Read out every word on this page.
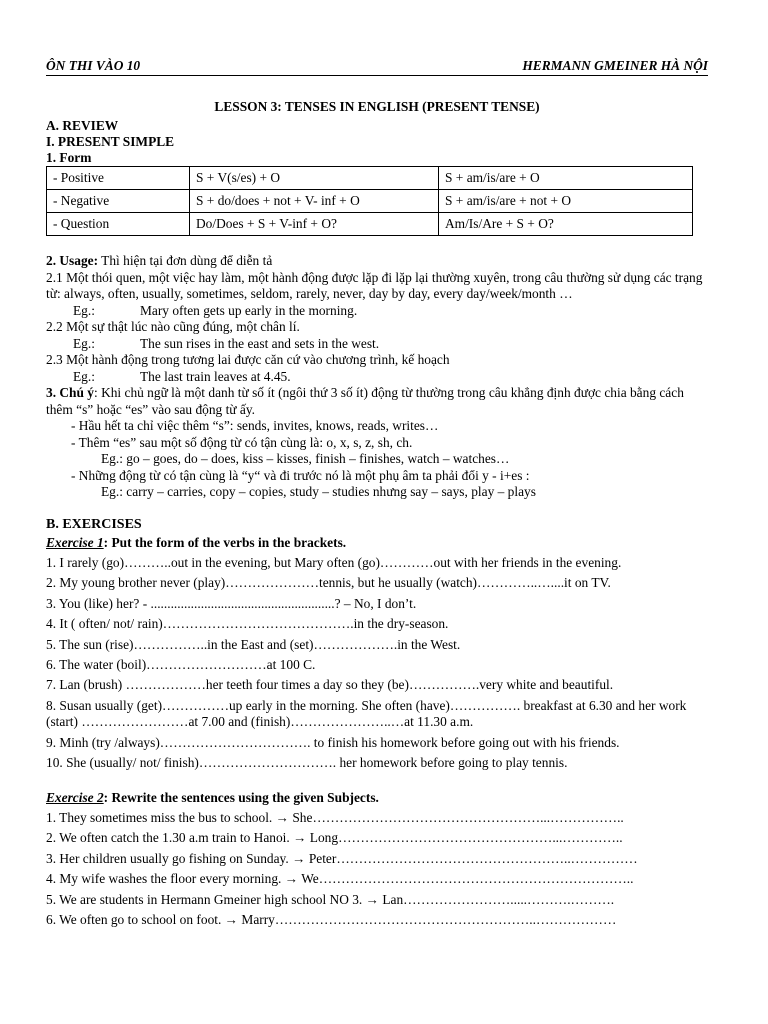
ÔN THI VÀO 10	HERMANN GMEINER HÀ NỘI
LESSON 3: TENSES IN ENGLISH (PRESENT TENSE)
A. REVIEW
I. PRESENT SIMPLE
1. Form
- Positive	S + V(s/es) + O	S + am/is/are + O
- Negative	S + do/does + not + V- inf + O	S + am/is/are + not + O
- Question	Do/Does + S + V-inf + O?	Am/Is/Are + S + O?

2. Usage: Thì hiện tại đơn dùng để diễn tả

2.1 Một thói quen, một việc hay làm, một hành động được lặp đi lặp lại thường xuyên, trong câu thường sử dụng các trạng từ: always, often, usually, sometimes, seldom, rarely, never, day by day, every day/week/month …

Eg.:	Mary often gets up early in the morning.

2.2 Một sự thật lúc nào cũng đúng, một chân lí.

Eg.:	The sun rises in the east and sets in the west.

2.3 Một hành động trong tương lai được căn cứ vào chương trình, kế hoạch

Eg.:	The last train leaves at 4.45.

3. Chú ý: Khi chủ ngữ là một danh từ số ít (ngôi thứ 3 số ít) động từ thường trong câu khẳng định được chia bằng cách thêm “s” hoặc “es” vào sau động từ ấy.

- Hầu hết ta chỉ việc thêm “s”: sends, invites, knows, reads, writes…

- Thêm “es” sau một số động từ có tận cùng là: o, x, s, z, sh, ch.

Eg.: go – goes, do – does, kiss – kisses, finish – finishes, watch – watches…

- Những động từ có tận cùng là “y“ và đi trước nó là một phụ âm ta phải đổi y - i+es :

Eg.: carry – carries, copy – copies, study – studies nhưng say – says, play – plays

B. EXERCISES

Exercise 1: Put the form of the verbs in the brackets.

1. I rarely (go)………..out in the evening, but Mary often (go)…………out with her friends in the evening.

2. My young brother never (play)…………………tennis, but he usually (watch)…………..…....it on TV.

3. You (like) her? - .......................................................? – No, I don’t.

4. It ( often/ not/ rain)…………………………………….in the dry-season.

5. The sun (rise)……………..in the East and (set)……………….in the West.

6. The water (boil)………………………at 100 C.

7. Lan (brush) ………………her teeth four times a day so they (be)…………….very white and beautiful.

8. Susan usually (get)……………up early in the morning. She often (have)……………. breakfast at 6.30 and her work (start) ……………………at 7.00 and (finish)…………………..…at 11.30 a.m.

9. Minh (try /always)……………………………. to finish his homework before going out with his friends.

10. She (usually/ not/ finish)…………………………. her homework before going to play tennis.

Exercise 2: Rewrite the sentences using the given Subjects.

1. They sometimes miss the bus to school. → She……………………………………………...……………..

2. We often catch the 1.30 a.m train to Hanoi. → Long…………………………………………...…………..

3. Her children usually go fishing on Sunday. → Peter……………………………………………..……………

4. My wife washes the floor every morning. → We……………………………………………………………..

5. We are students in Hermann Gmeiner high school NO 3. → Lan…………………….....……….……….

6. We often go to school on foot. → Marry…………………………………………………..………………
